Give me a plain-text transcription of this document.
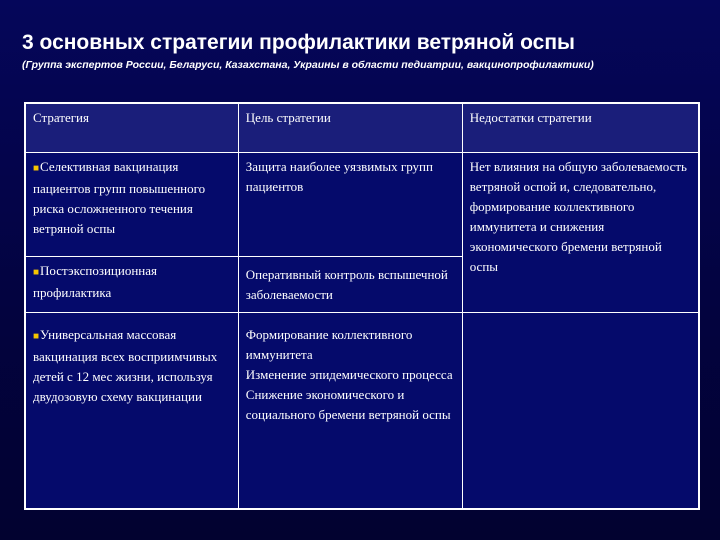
3 основных стратегии профилактики ветряной оспы
(Группа экспертов России, Беларуси, Казахстана, Украины в области педиатрии, вакцинопрофилактики)
Стратегия	Цель стратегии	Недостатки стратегии
■Селективная вакцинация пациентов групп повышенного риска осложненного течения ветряной оспы	Защита наиболее уязвимых групп пациентов	Нет влияния на общую заболеваемость ветряной оспой и, следовательно, формирование коллективного иммунитета и снижения экономического бремени ветряной оспы
■Постэкспозиционная профилактика	Оперативный контроль вспышечной заболеваемости	
■Универсальная массовая вакцинация всех восприимчивых детей с 12 мес жизни, используя двудозовую схему вакцинации	Формирование коллективного иммунитета
Изменение эпидемического процесса
Снижение экономического и социального бремени ветряной оспы	
